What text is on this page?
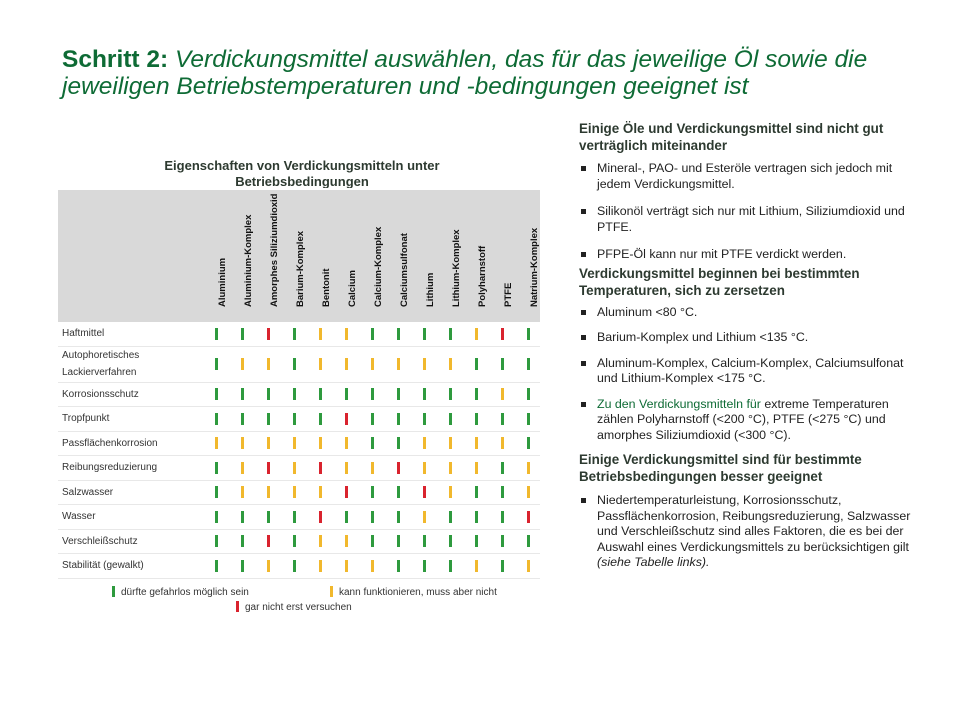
Schritt 2: Verdickungsmittel auswählen, das für das jeweilige Öl sowie die jeweiligen Betriebstemperaturen und -bedingungen geeignet ist
Eigenschaften von Verdickungsmitteln unter Betriebsbedingungen
Aluminium Aluminium-Komplex Amorphes Siliziumdioxid Barium-Komplex Bentonit Calcium Calcium-Komplex Calciumsulfonat Lithium Lithium-Komplex Polyharnstoff PTFE Natrium-Komplex
Haftmittel
Autophoretisches Lackierverfahren
Korrosionsschutz
Tropfpunkt
Passflächenkorrosion
Reibungsreduzierung
Salzwasser
Wasser
Verschleißschutz
Stabilität (gewalkt)
dürfte gefahrlos möglich sein	kann funktionieren, muss aber nicht
gar nicht erst versuchen
Einige Öle und Verdickungsmittel sind nicht gut verträglich miteinander
Mineral-, PAO- und Esteröle vertragen sich jedoch mit jedem Verdickungsmittel.
Silikonöl verträgt sich nur mit Lithium, Siliziumdioxid und PTFE.
PFPE-Öl kann nur mit PTFE verdickt werden.
Verdickungsmittel beginnen bei bestimmten Temperaturen, sich zu zersetzen
Aluminum <80 °C.
Barium-Komplex und Lithium <135 °C.
Aluminum-Komplex, Calcium-Komplex, Calciumsulfonat und Lithium-Komplex <175 °C.
Zu den Verdickungsmitteln für extreme Temperaturen zählen Polyharnstoff (<200 °C), PTFE (<275 °C) und amorphes Siliziumdioxid (<300 °C).
Einige Verdickungsmittel sind für bestimmte Betriebsbedingungen besser geeignet
Niedertemperaturleistung, Korrosionsschutz, Passflächenkorrosion, Reibungsreduzierung, Salzwasser und Verschleißschutz sind alles Faktoren, die es bei der Auswahl eines Verdickungsmittels zu berücksichtigen gilt (siehe Tabelle links).
